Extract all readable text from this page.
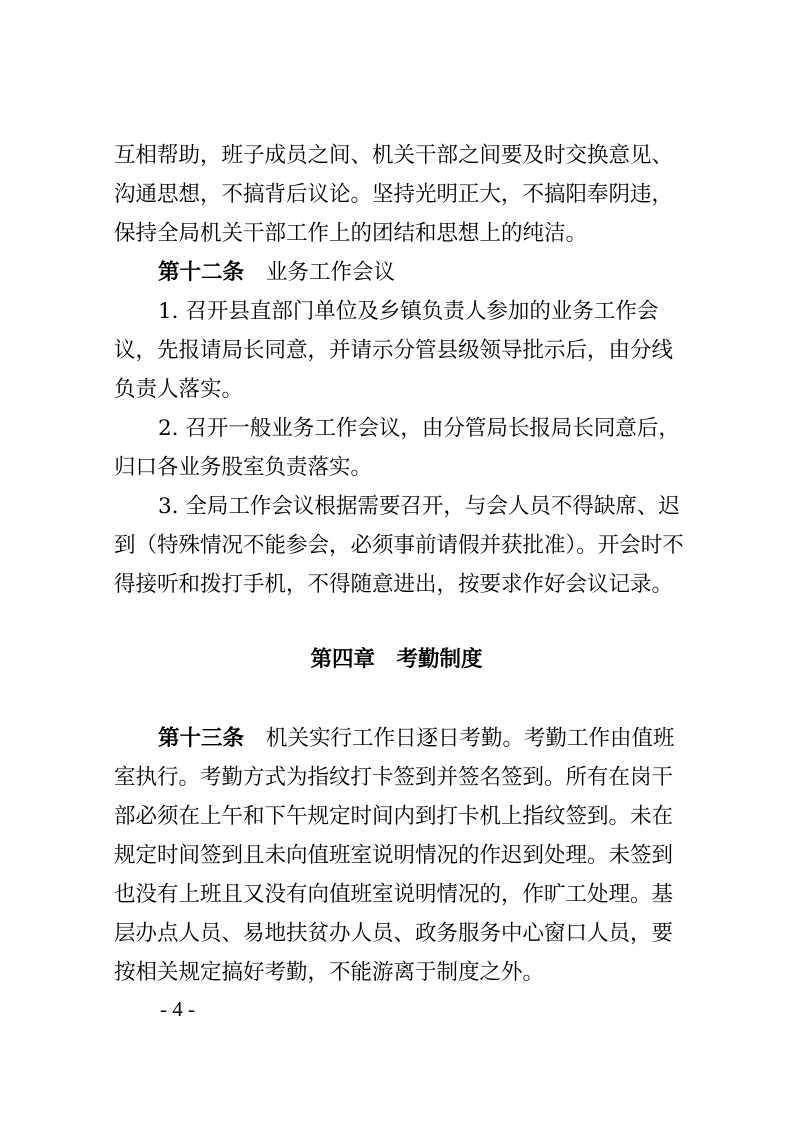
互相帮助，班子成员之间、机关干部之间要及时交换意见、沟通思想，不搞背后议论。坚持光明正大，不搞阳奉阴违，保持全局机关干部工作上的团结和思想上的纯洁。

第十二条 业务工作会议

1. 召开县直部门单位及乡镇负责人参加的业务工作会议，先报请局长同意，并请示分管县级领导批示后，由分线负责人落实。

2. 召开一般业务工作会议，由分管局长报局长同意后，归口各业务股室负责落实。

3. 全局工作会议根据需要召开，与会人员不得缺席、迟到（特殊情况不能参会，必须事前请假并获批准）。开会时不得接听和拨打手机，不得随意进出，按要求作好会议记录。

第四章　考勤制度

第十三条 机关实行工作日逐日考勤。考勤工作由值班室执行。考勤方式为指纹打卡签到并签名签到。所有在岗干部必须在上午和下午规定时间内到打卡机上指纹签到。未在规定时间签到且未向值班室说明情况的作迟到处理。未签到也没有上班且又没有向值班室说明情况的，作旷工处理。基层办点人员、易地扶贫办人员、政务服务中心窗口人员，要按相关规定搞好考勤，不能游离于制度之外。

- 4 -
